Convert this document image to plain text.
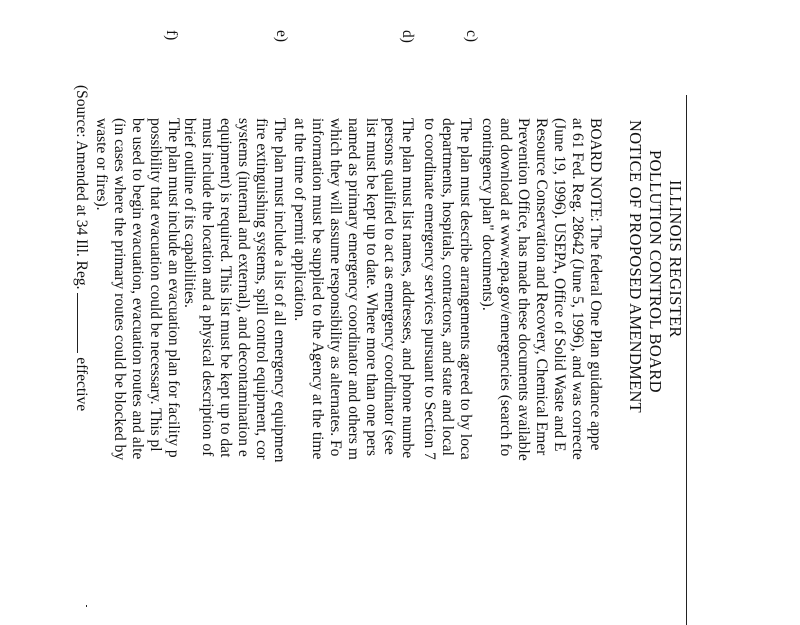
ILLINOIS REGISTER
POLLUTION CONTROL BOARD
NOTICE OF PROPOSED AMENDMENT
BOARD NOTE: The federal One Plan guidance appe
at 61 Fed. Reg. 28642 (June 5, 1996), and was correcte
(June 19, 1996). USEPA, Office of Solid Waste and E
Resource Conservation and Recovery, Chemical Emer
Prevention Office, has made these documents available
and download at www.epa.gov/emergencies (search fo
contingency plan" documents).
c)
The plan must describe arrangements agreed to by loca
departments, hospitals, contractors, and state and local
to coordinate emergency services pursuant to Section 7
d)
The plan must list names, addresses, and phone numbe
persons qualified to act as emergency coordinator (see
list must be kept up to date. Where more than one pers
named as primary emergency coordinator and others m
which they will assume responsibility as alternates. Fo
information must be supplied to the Agency at the time
at the time of permit application.
e)
The plan must include a list of all emergency equipmen
fire extinguishing systems, spill control equipment, cor
systems (internal and external), and decontamination e
equipment) is required. This list must be kept up to dat
must include the location and a physical description of
brief outline of its capabilities.
f)
The plan must include an evacuation plan for facility p
possibility that evacuation could be necessary. This pl
be used to begin evacuation, evacuation routes and alte
(in cases where the primary routes could be blocked by
waste or fires).
(Source: Amended at 34 Ill. Reg.  effective
